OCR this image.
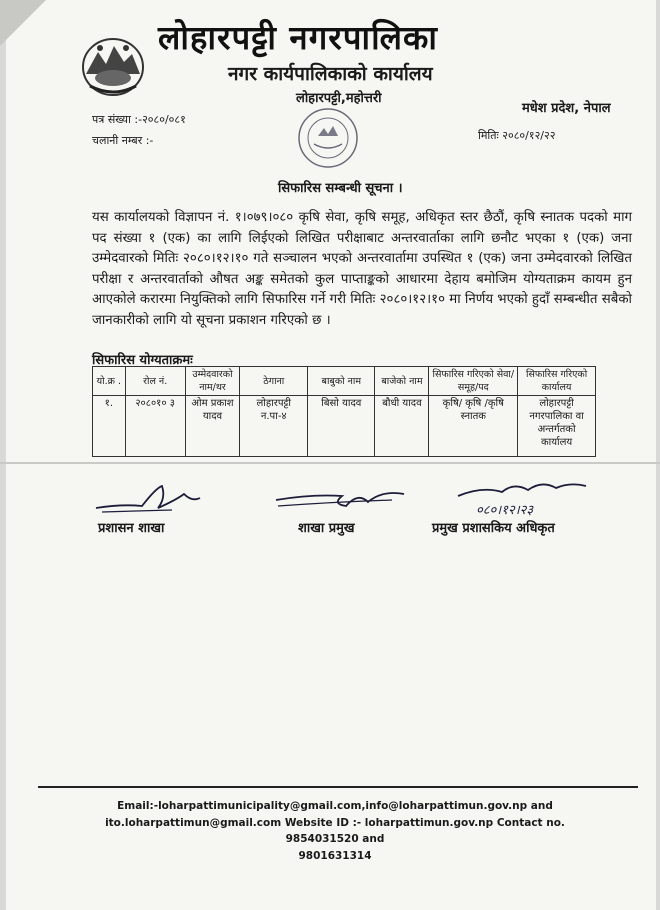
लोहारपट्टी नगरपालिका
नगर कार्यपालिकाको कार्यालय
लोहारपट्टी,महोत्तरी
मधेश प्रदेश, नेपाल
पत्र संख्या :-२०८०/०८१
चलानी नम्बर :-	मितिः २०८०/१२/२२
सिफारिस सम्बन्धी सूचना ।
यस कार्यालयको विज्ञापन नं. १।०७९।०८० कृषि सेवा, कृषि समूह, अधिकृत स्तर छैठौं, कृषि स्नातक पदको माग पद संख्या १ (एक) का लागि लिईएको लिखित परीक्षाबाट अन्तरवार्ताका लागि छनौट भएका १ (एक) जना उम्मेदवारको मितिः २०८०।१२।१० गते सञ्चालन भएको अन्तरवार्तामा उपस्थित १ (एक) जना उम्मेदवारको लिखित परीक्षा र अन्तरवार्ताको औषत अङ्क समेतको कुल पाप्ताङ्कको आधारमा देहाय बमोजिम योग्यताक्रम कायम हुन आएकोले करारमा नियुक्तिको लागि सिफारिस गर्ने गरी मितिः २०८०।१२।१० मा निर्णय भएको हुदाँ सम्बन्धीत सबैको जानकारीको लागि यो सूचना प्रकाशन गरिएको छ ।
सिफारिस योग्यताक्रमः
यो.क्र .	रोल नं.	उम्मेदवारको नाम/थर	ठेगाना	बाबुको नाम	बाजेको नाम	सिफारिस गरिएको सेवा/समूह/पद	सिफारिस गरिएको कार्यालय
१.	२०८०१० ३	ओम प्रकाश यादव	लोहारपट्टी न.पा-४	बिसो यादव	बौधी यादव	कृषि/ कृषि /कृषि स्नातक	लोहारपट्टी नगरपालिका वा अन्तर्गतको कार्यालय
प्रशासन शाखा	शाखा प्रमुख
०८०।१२।२३
प्रमुख प्रशासकिय अधिकृत
Email:-loharpattimunicipality@gmail.com,info@loharpattimun.gov.np and
ito.loharpattimun@gmail.com Website ID :- loharpattimun.gov.np Contact no. 9854031520 and
9801631314
